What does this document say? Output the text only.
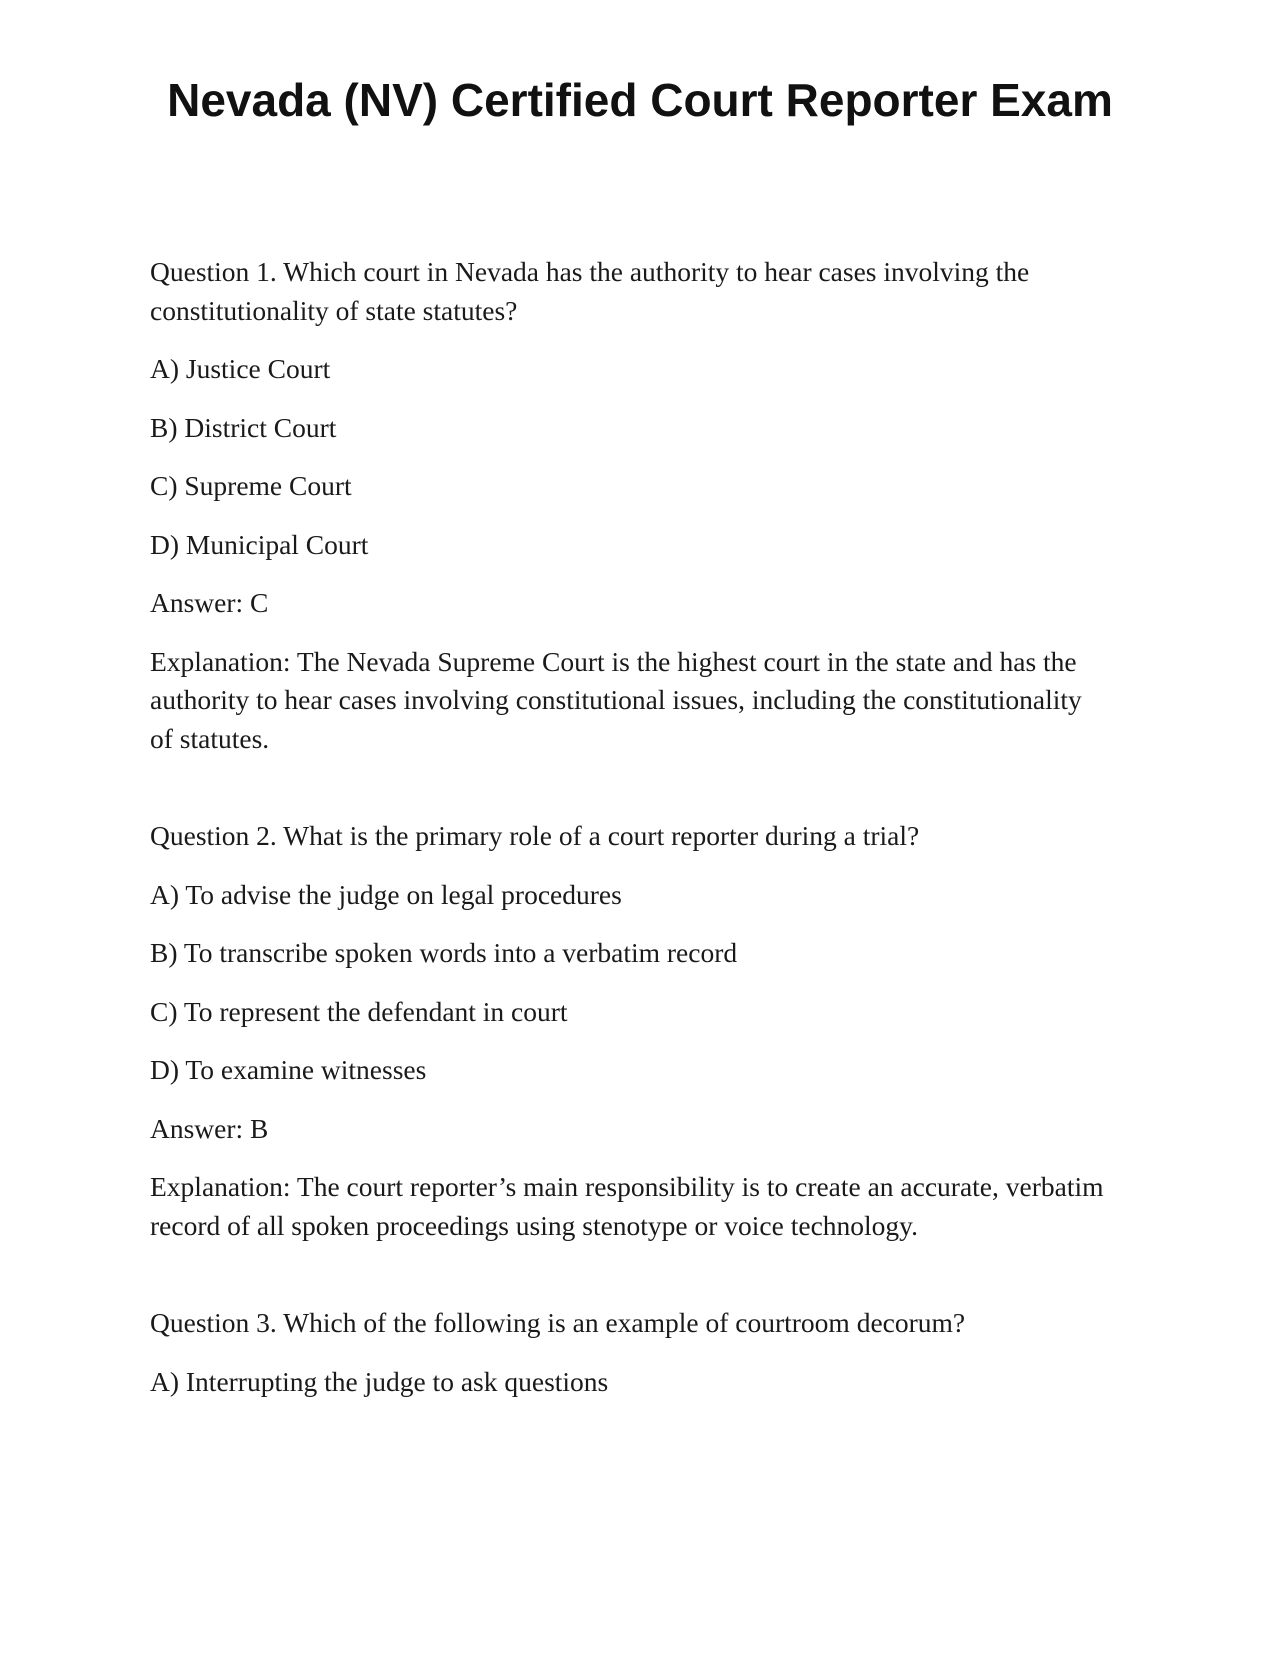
Nevada (NV) Certified Court Reporter Exam

Question 1. Which court in Nevada has the authority to hear cases involving the constitutionality of state statutes?

A) Justice Court

B) District Court

C) Supreme Court

D) Municipal Court

Answer: C

Explanation: The Nevada Supreme Court is the highest court in the state and has the authority to hear cases involving constitutional issues, including the constitutionality of statutes.

Question 2. What is the primary role of a court reporter during a trial?

A) To advise the judge on legal procedures

B) To transcribe spoken words into a verbatim record

C) To represent the defendant in court

D) To examine witnesses

Answer: B

Explanation: The court reporter’s main responsibility is to create an accurate, verbatim record of all spoken proceedings using stenotype or voice technology.

Question 3. Which of the following is an example of courtroom decorum?

A) Interrupting the judge to ask questions
